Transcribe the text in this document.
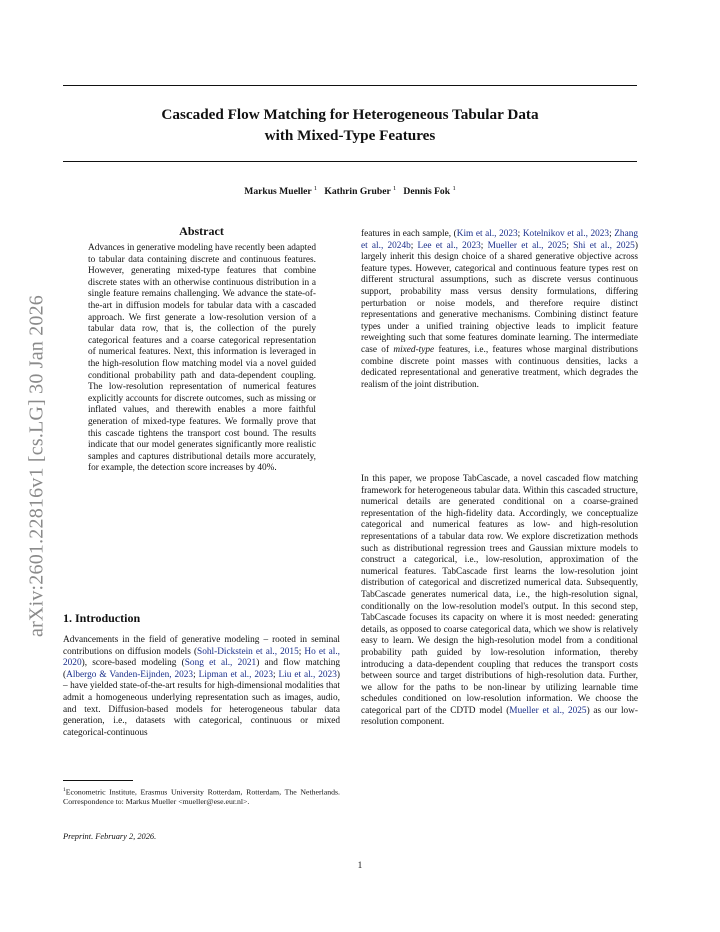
Cascaded Flow Matching for Heterogeneous Tabular Data
with Mixed-Type Features
Markus Mueller $^1$ Kathrin Gruber $^1$ Dennis Fok $^1$
arXiv:2601.22816v1 [cs.LG] 30 Jan 2026
Abstract
Advances in generative modeling have recently been adapted to tabular data containing discrete and continuous features. However, generating mixed-type features that combine discrete states with an otherwise continuous distribution in a single feature remains challenging. We advance the state-of-the-art in diffusion models for tabular data with a cascaded approach. We first generate a low-resolution version of a tabular data row, that is, the collection of the purely categorical features and a coarse categorical representation of numerical features. Next, this information is leveraged in the high-resolution flow matching model via a novel guided conditional probability path and data-dependent coupling. The low-resolution representation of numerical features explicitly accounts for discrete outcomes, such as missing or inflated values, and therewith enables a more faithful generation of mixed-type features. We formally prove that this cascade tightens the transport cost bound. The results indicate that our model generates significantly more realistic samples and captures distributional details more accurately, for example, the detection score increases by 40%.
1. Introduction
Advancements in the field of generative modeling – rooted in seminal contributions on diffusion models (Sohl-Dickstein et al., 2015; Ho et al., 2020), score-based modeling (Song et al., 2021) and flow matching (Albergo & Vanden-Eijnden, 2023; Lipman et al., 2023; Liu et al., 2023) – have yielded state-of-the-art results for high-dimensional modalities that admit a homogeneous underlying representation such as images, audio, and text. Diffusion-based models for heterogeneous tabular data generation, i.e., datasets with categorical, continuous or mixed categorical-continuous
$^1$Econometric Institute, Erasmus University Rotterdam, Rotterdam, The Netherlands. Correspondence to: Markus Mueller <mueller@ese.eur.nl>.
Preprint. February 2, 2026.
features in each sample, (Kim et al., 2023; Kotelnikov et al., 2023; Zhang et al., 2024b; Lee et al., 2023; Mueller et al., 2025; Shi et al., 2025) largely inherit this design choice of a shared generative objective across feature types. However, categorical and continuous feature types rest on different structural assumptions, such as discrete versus continuous support, probability mass versus density formulations, differing perturbation or noise models, and therefore require distinct representations and generative mechanisms. Combining distinct feature types under a unified training objective leads to implicit feature reweighting such that some features dominate learning. The intermediate case of mixed-type features, i.e., features whose marginal distributions combine discrete point masses with continuous densities, lacks a dedicated representational and generative treatment, which degrades the realism of the joint distribution.
In this paper, we propose TabCascade, a novel cascaded flow matching framework for heterogeneous tabular data. Within this cascaded structure, numerical details are generated conditional on a coarse-grained representation of the high-fidelity data. Accordingly, we conceptualize categorical and numerical features as low- and high-resolution representations of a tabular data row. We explore discretization methods such as distributional regression trees and Gaussian mixture models to construct a categorical, i.e., low-resolution, approximation of the numerical features. TabCascade first learns the low-resolution joint distribution of categorical and discretized numerical data. Subsequently, TabCascade generates numerical data, i.e., the high-resolution signal, conditionally on the low-resolution model's output. In this second step, TabCascade focuses its capacity on where it is most needed: generating details, as opposed to coarse categorical data, which we show is relatively easy to learn. We design the high-resolution model from a conditional probability path guided by low-resolution information, thereby introducing a data-dependent coupling that reduces the transport costs between source and target distributions of high-resolution data. Further, we allow for the paths to be non-linear by utilizing learnable time schedules conditioned on low-resolution information. We choose the categorical part of the CDTD model (Mueller et al., 2025) as our low-resolution component.
1
